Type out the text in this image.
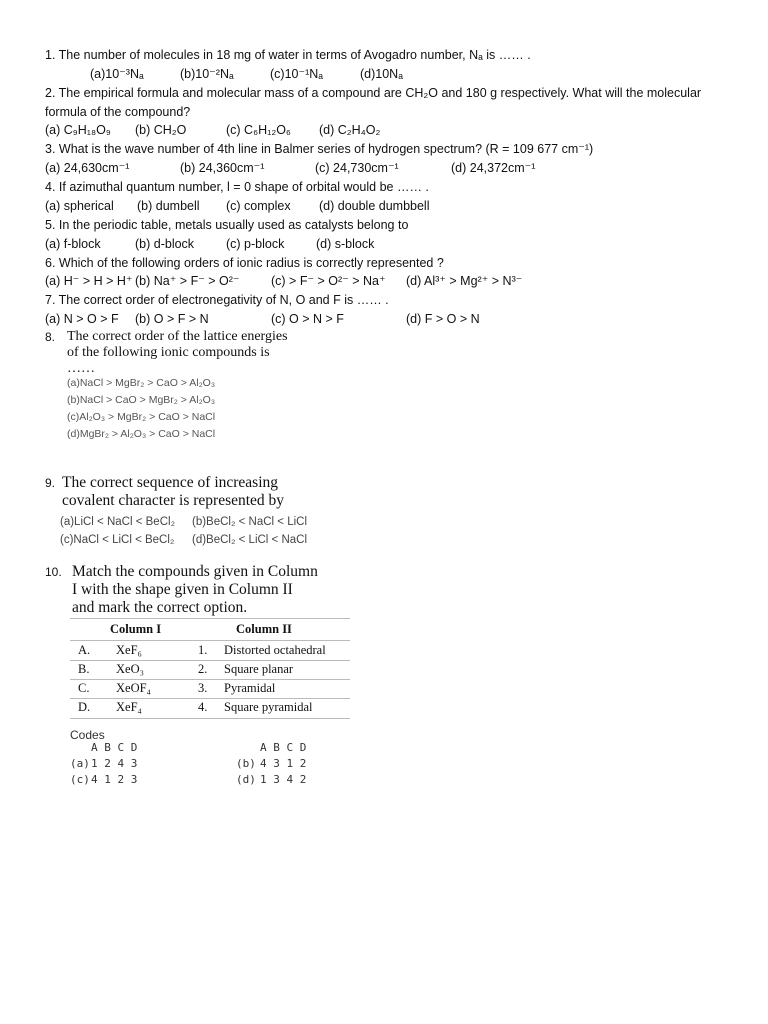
1. The number of molecules in 18 mg of water in terms of Avogadro number, Nₐ is …… .
(a)10⁻³Nₐ	(b)10⁻²Nₐ	(c)10⁻¹Nₐ	(d)10Nₐ
2. The empirical formula and molecular mass of a compound are CH₂O and 180 g respectively. What will the molecular
formula of the compound?
(a) C₉H₁₈O₉ (b) CH₂O	(c) C₆H₁₂O₆ (d) C₂H₄O₂
3. What is the wave number of 4th line in Balmer series of hydrogen spectrum? (R = 109 677 cm⁻¹)
(a) 24,630cm⁻¹	(b) 24,360cm⁻¹	(c) 24,730cm⁻¹	(d) 24,372cm⁻¹
4. If azimuthal quantum number, l = 0 shape of orbital would be …… .
(a) spherical (b) dumbell (c) complex (d) double dumbbell
5. In the periodic table, metals usually used as catalysts belong to
(a) f-block	(b) d-block	(c) p-block	(d) s-block
6. Which of the following orders of ionic radius is correctly represented ?
(a) H⁻ > H > H⁺ (b) Na⁺ > F⁻ > O²⁻	(c) > F⁻ > O²⁻ > Na⁺ (d) Al³⁺ > Mg²⁺ > N³⁻
7. The correct order of electronegativity of N, O and F is …… .
(a) N > O > F (b) O > F > N	(c) O > N > F	(d) F > O > N
8. The correct order of the lattice energies
of the following ionic compounds is
……
(a)NaCl > MgBr₂ > CaO > Al₂O₃
(b)NaCl > CaO > MgBr₂ > Al₂O₃
(c)Al₂O₃ > MgBr₂ > CaO > NaCl
(d)MgBr₂ > Al₂O₃ > CaO > NaCl
9. The correct sequence of increasing
covalent character is represented by
(a)LiCl < NaCl < BeCl₂ (b)BeCl₂ < NaCl < LiCl
(c)NaCl < LiCl < BeCl₂ (d)BeCl₂ < LiCl < NaCl
10. Match the compounds given in Column
I with the shape given in Column II
and mark the correct option.
Column I	Column II
A. XeF₆	1. Distorted octahedral
B. XeO₃	2. Square planar
C. XeOF₄	3. Pyramidal
D. XeF₄	4. Square pyramidal
Codes
A B C D	A B C D
(a) 1 2 4 3	(b) 4 3 1 2
(c) 4 1 2 3	(d) 1 3 4 2
